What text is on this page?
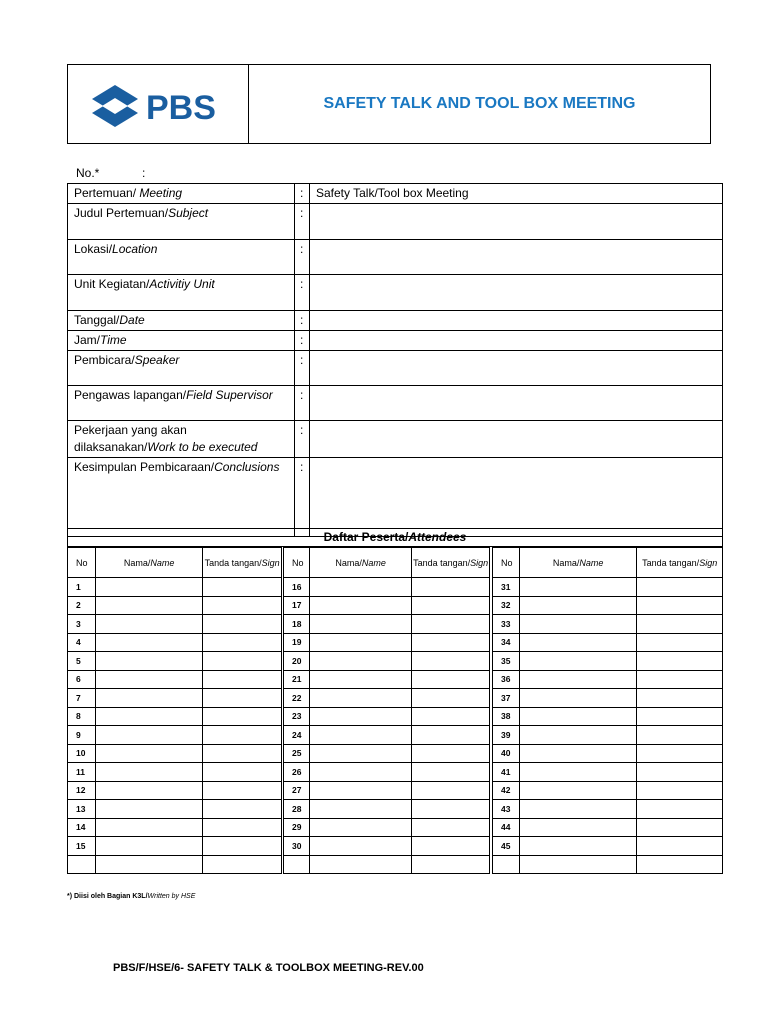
PBS	SAFETY TALK AND TOOL BOX MEETING
No.*	:
Pertemuan/ Meeting	:	Safety Talk/Tool box Meeting
Judul Pertemuan/Subject	:	
Lokasi/Location	:	
Unit Kegiatan/Activitiy Unit	:	
Tanggal/Date	:	
Jam/Time	:	
Pembicara/Speaker	:	
Pengawas lapangan/Field Supervisor	:	
Pekerjaan yang akan dilaksanakan/Work to be executed	:	
Kesimpulan Pembicaraan/Conclusions	:	
Daftar Peserta/Attendees
No	Nama/Name	Tanda tangan/Sign
1		
2		
3		
4		
5		
6		
7		
8		
9		
10		
11		
12		
13		
14		
15		

No	Nama/Name	Tanda tangan/Sign
16		
17		
18		
19		
20		
21		
22		
23		
24		
25		
26		
27		
28		
29		
30		

No	Nama/Name	Tanda tangan/Sign
31		
32		
33		
34		
35		
36		
37		
38		
39		
40		
41		
42		
43		
44		
45		

*) Diisi oleh Bagian K3L/Written by HSE
PBS/F/HSE/6- SAFETY TALK & TOOLBOX MEETING-REV.00
